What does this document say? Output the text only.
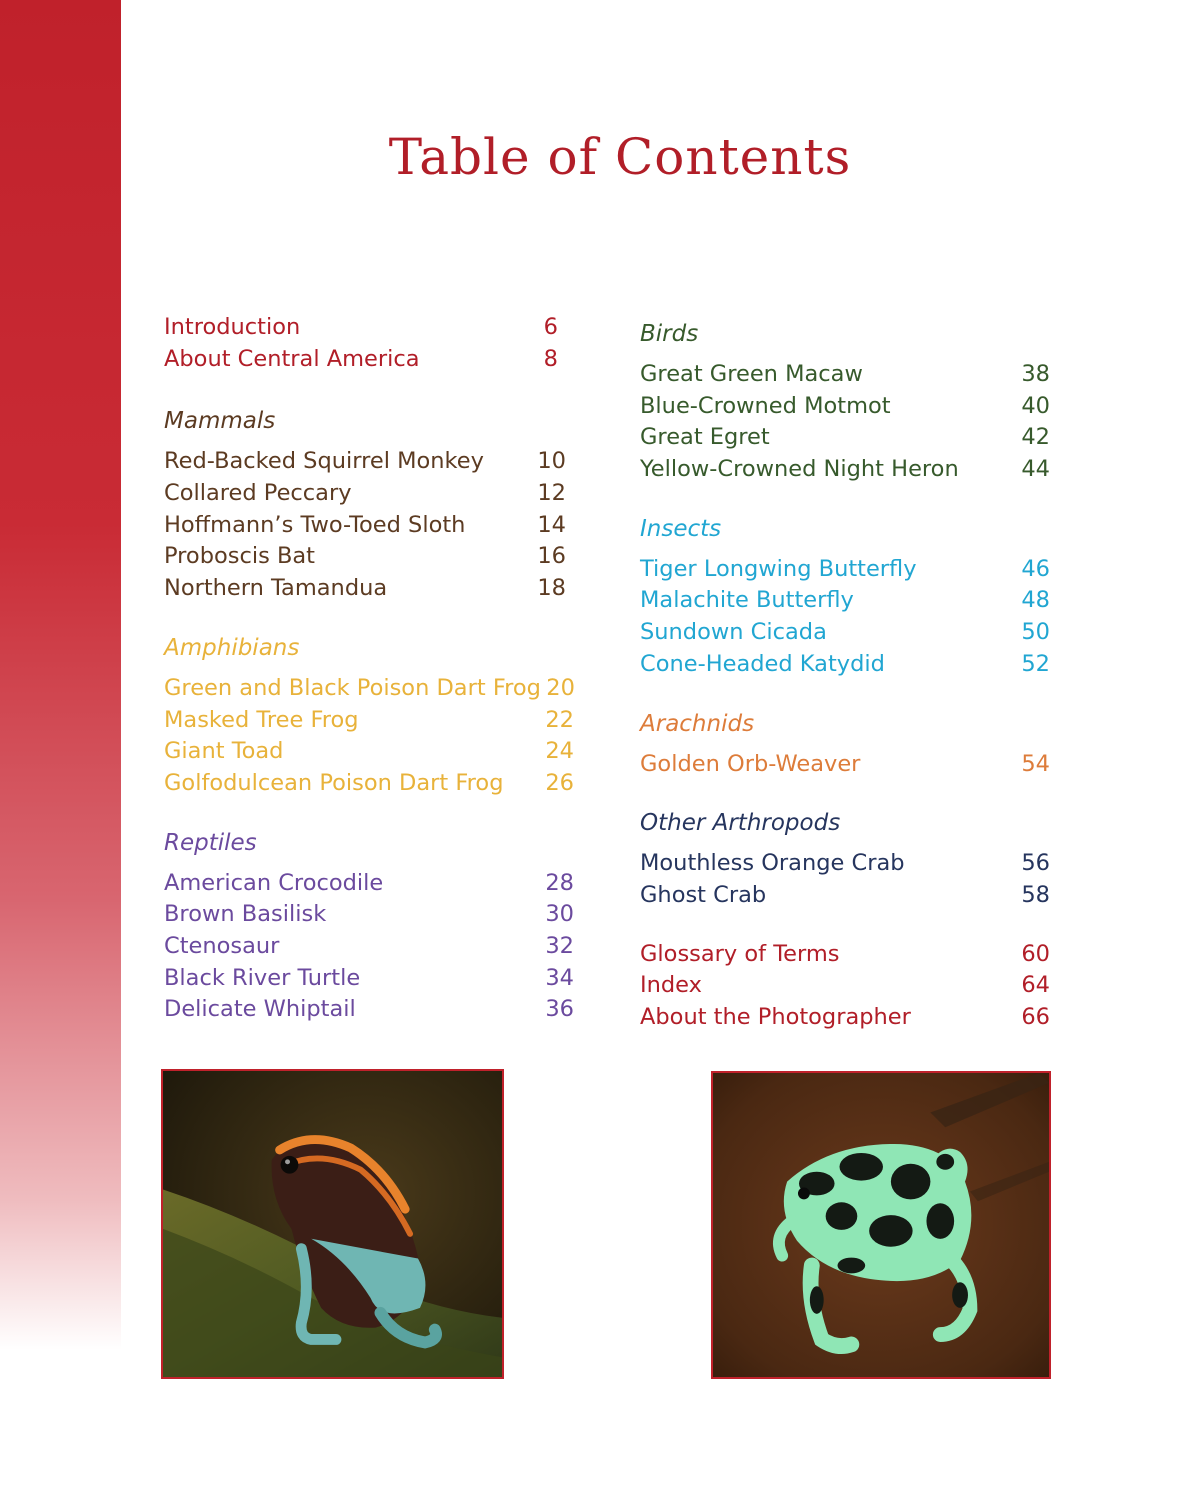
Table of Contents
Introduction	6
About Central America	8
Mammals
Red-Backed Squirrel Monkey 10
Collared Peccary	12
Hoffmann’s Two-Toed Sloth	14
Proboscis Bat	16
Northern Tamandua	18
Amphibians
Green and Black Poison Dart Frog 20
Masked Tree Frog	22
Giant Toad	24
Golfodulcean Poison Dart Frog 26
Reptiles
American Crocodile	28
Brown Basilisk	30
Ctenosaur	32
Black River Turtle	34
Delicate Whiptail	36
Birds
Great Green Macaw	38
Blue-Crowned Motmot	40
Great Egret	42
Yellow-Crowned Night Heron	44
Insects
Tiger Longwing Butterfly	46
Malachite Butterfly	48
Sundown Cicada	50
Cone-Headed Katydid	52
Arachnids
Golden Orb-Weaver	54
Other Arthropods
Mouthless Orange Crab	56
Ghost Crab	58
Glossary of Terms	60
Index	64
About the Photographer	66
